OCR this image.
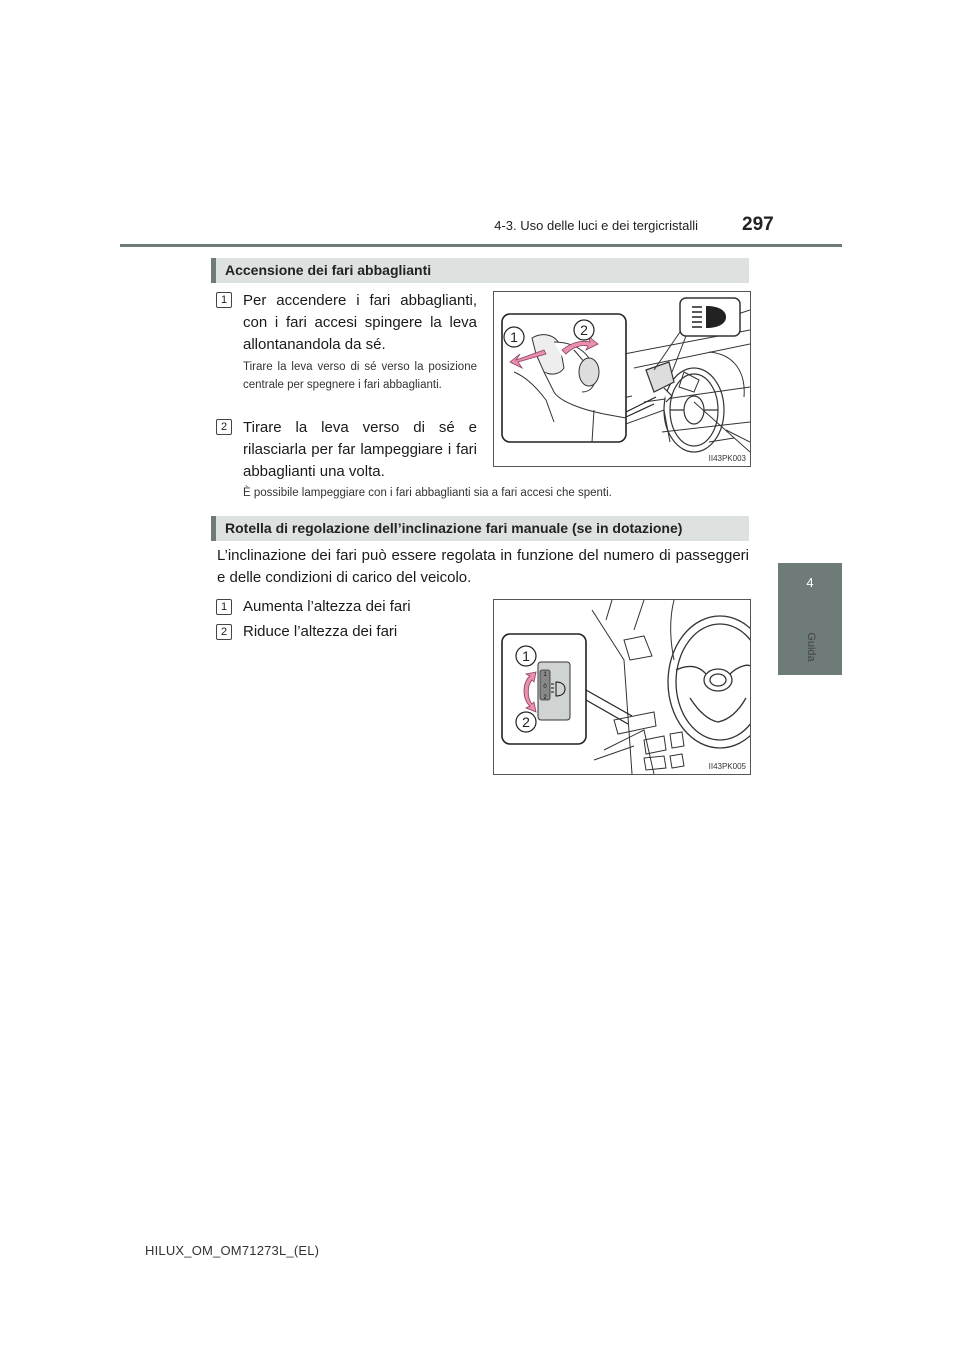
4-3. Uso delle luci e dei tergicristalli 297
4
Guida
Accensione dei fari abbaglianti
1	Per accendere i fari abbaglianti, con i fari accesi spingere la leva allontanandola da sé.
Tirare la leva verso di sé verso la posizione centrale per spegnere i fari abbaglianti.
2	Tirare la leva verso di sé e rilasciarla per far lampeggiare i fari abbaglianti una volta.
È possibile lampeggiare con i fari abbaglianti sia a fari accesi che spenti.
1	2
II43PK003
Rotella di regolazione dell’inclinazione fari manuale (se in dotazione)
L’inclinazione dei fari può essere regolata in funzione del numero di passeggeri e delle condizioni di carico del veicolo.
1	Aumenta l’altezza dei fari
2	Riduce l’altezza dei fari
1
0
2
1
2
II43PK005
HILUX_OM_OM71273L_(EL)
